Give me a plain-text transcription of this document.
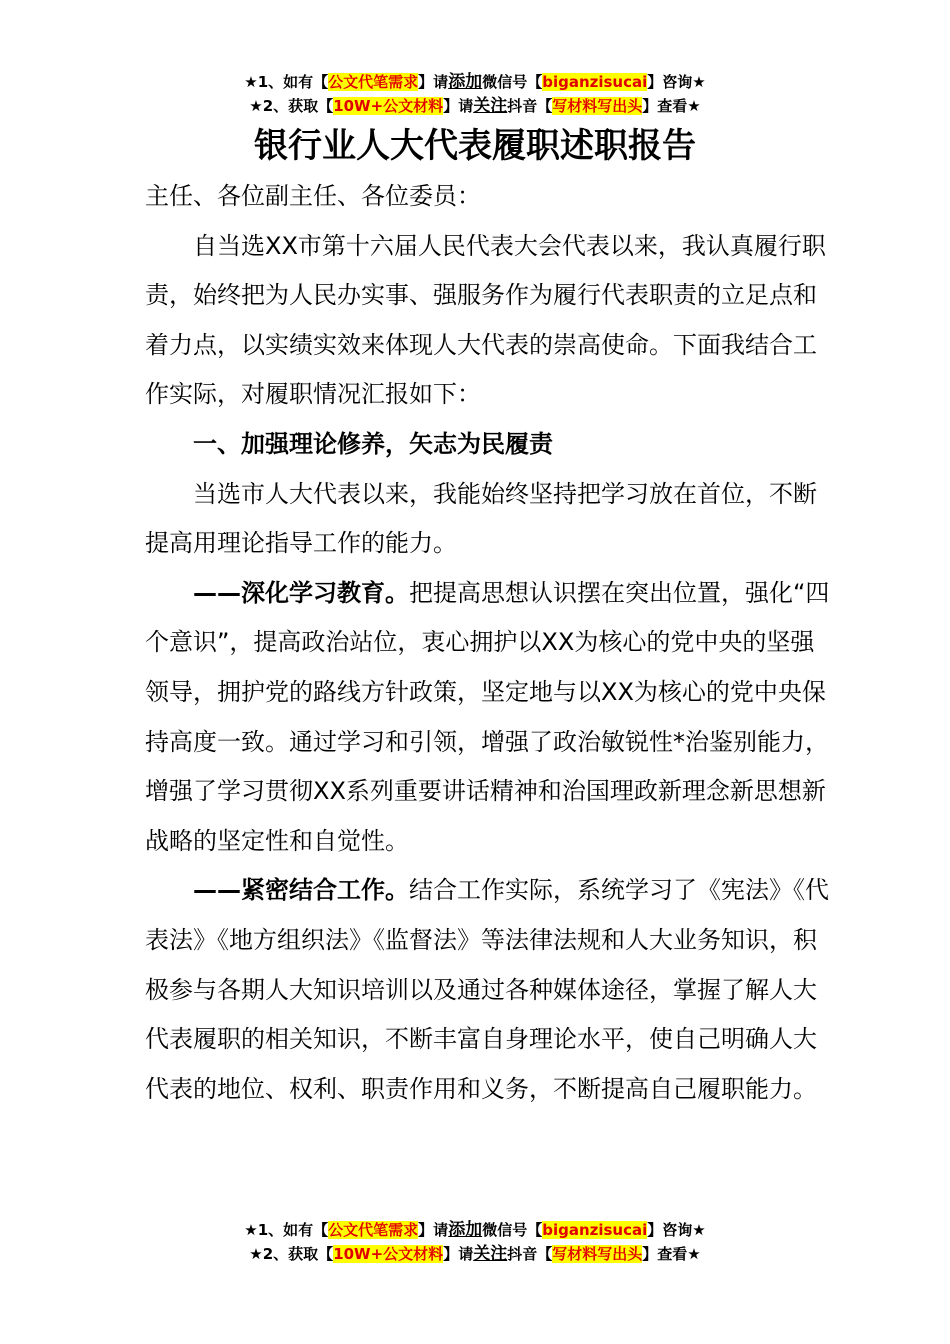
★1、如有【公文代笔需求】请添加微信号【biganzisucai】咨询★
★2、获取【10W+公文材料】请关注抖音【写材料写出头】查看★
银行业人大代表履职述职报告

主任、各位副主任、各位委员：

自当选XX市第十六届人民代表大会代表以来，我认真履行职责，始终把为人民办实事、强服务作为履行代表职责的立足点和着力点，以实绩实效来体现人大代表的崇高使命。下面我结合工作实际，对履职情况汇报如下：

一、加强理论修养，矢志为民履责

当选市人大代表以来，我能始终坚持把学习放在首位，不断提高用理论指导工作的能力。

——深化学习教育。把提高思想认识摆在突出位置，强化“四个意识”，提高政治站位，衷心拥护以XX为核心的党中央的坚强领导，拥护党的路线方针政策，坚定地与以XX为核心的党中央保持高度一致。通过学习和引领，增强了政治敏锐性*治鉴别能力，增强了学习贯彻XX系列重要讲话精神和治国理政新理念新思想新战略的坚定性和自觉性。

——紧密结合工作。结合工作实际，系统学习了《宪法》《代表法》《地方组织法》《监督法》等法律法规和人大业务知识，积极参与各期人大知识培训以及通过各种媒体途径，掌握了解人大代表履职的相关知识，不断丰富自身理论水平，使自己明确人大代表的地位、权利、职责作用和义务，不断提高自己履职能力。

★1、如有【公文代笔需求】请添加微信号【biganzisucai】咨询★
★2、获取【10W+公文材料】请关注抖音【写材料写出头】查看★
